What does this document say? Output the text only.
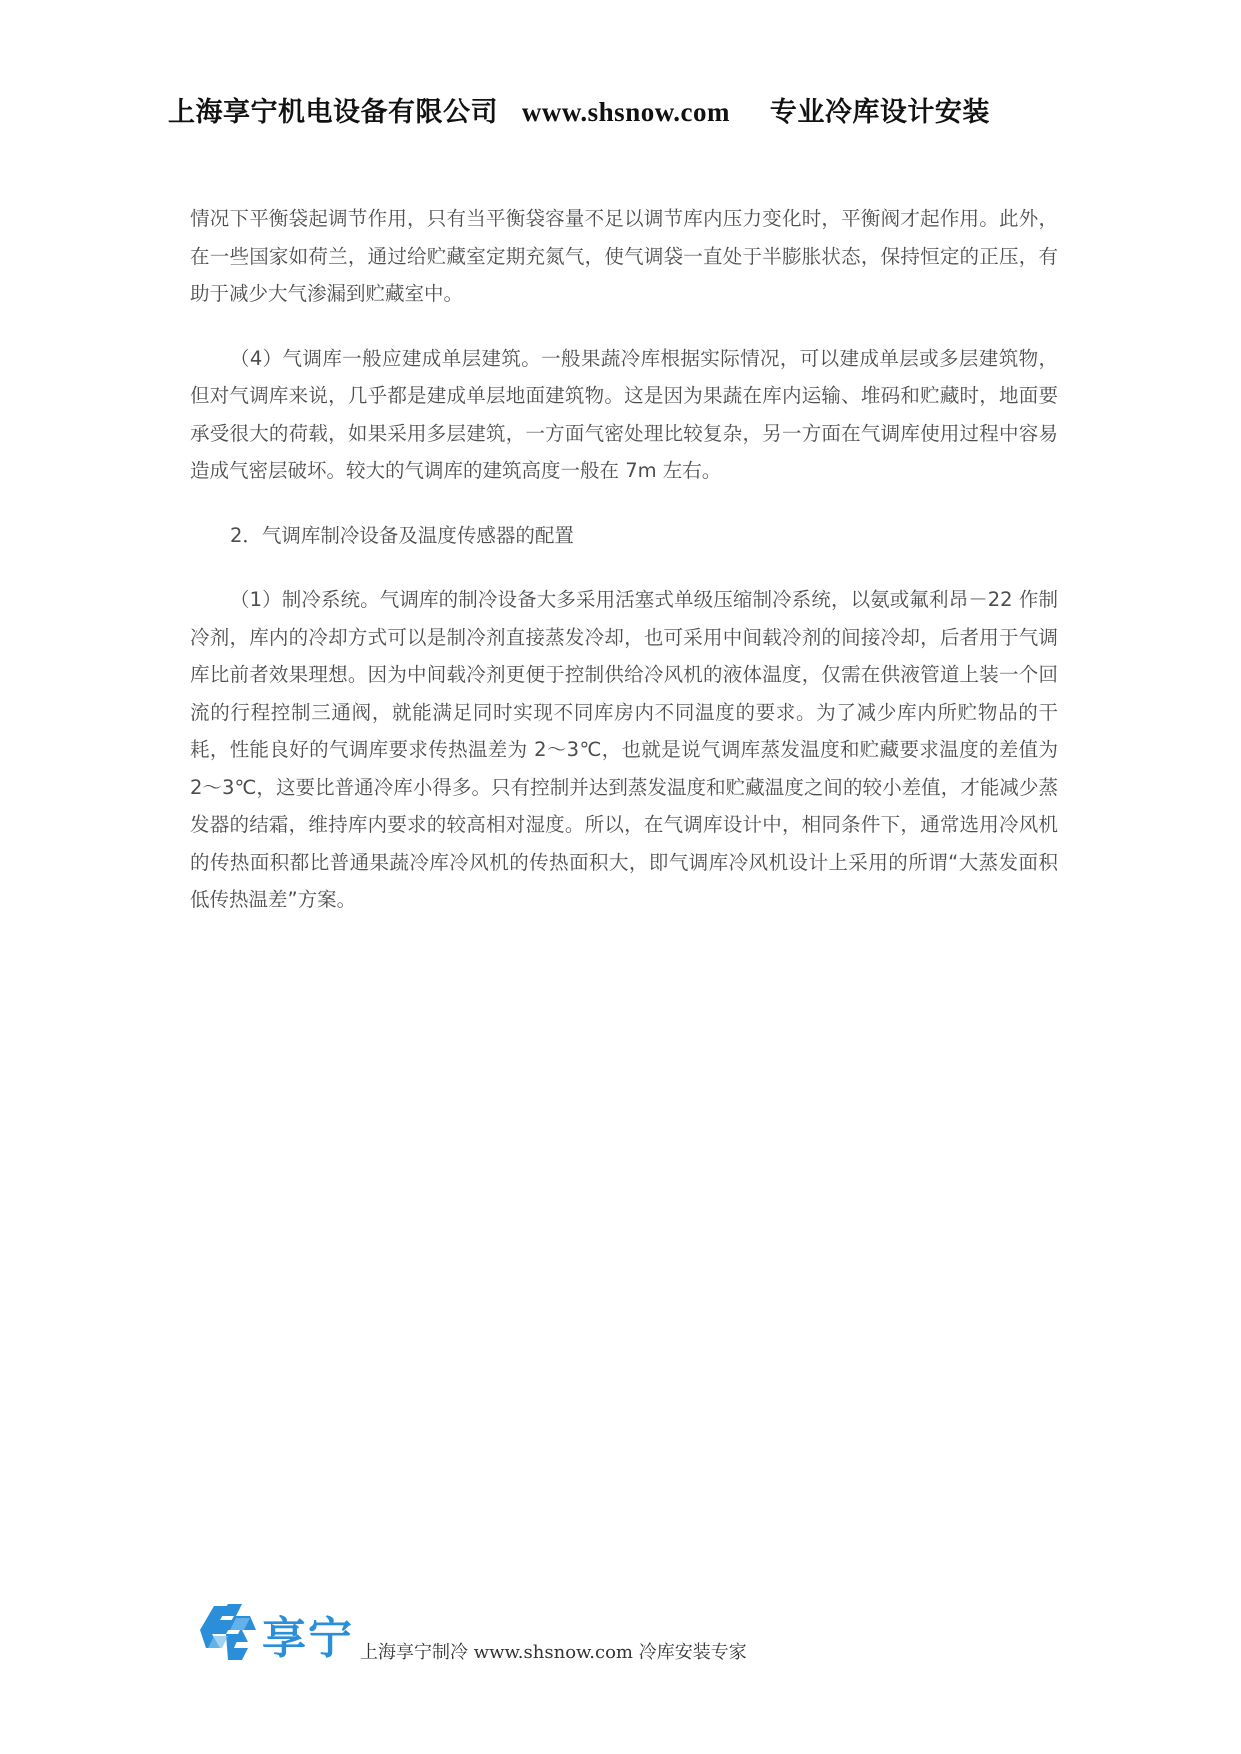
上海享宁机电设备有限公司 www.shsnow.com 专业冷库设计安装

情况下平衡袋起调节作用，只有当平衡袋容量不足以调节库内压力变化时，平衡阀才起作用。此外，在一些国家如荷兰，通过给贮藏室定期充氮气，使气调袋一直处于半膨胀状态，保持恒定的正压，有助于减少大气渗漏到贮藏室中。

（4）气调库一般应建成单层建筑。一般果蔬冷库根据实际情况，可以建成单层或多层建筑物，但对气调库来说，几乎都是建成单层地面建筑物。这是因为果蔬在库内运输、堆码和贮藏时，地面要承受很大的荷载，如果采用多层建筑，一方面气密处理比较复杂，另一方面在气调库使用过程中容易造成气密层破坏。较大的气调库的建筑高度一般在 7m 左右。

2．气调库制冷设备及温度传感器的配置

（1）制冷系统。气调库的制冷设备大多采用活塞式单级压缩制冷系统，以氨或氟利昂－22 作制冷剂，库内的冷却方式可以是制冷剂直接蒸发冷却，也可采用中间载冷剂的间接冷却，后者用于气调库比前者效果理想。因为中间载冷剂更便于控制供给冷风机的液体温度，仅需在供液管道上装一个回流的行程控制三通阀，就能满足同时实现不同库房内不同温度的要求。为了减少库内所贮物品的干耗，性能良好的气调库要求传热温差为 2～3℃，也就是说气调库蒸发温度和贮藏要求温度的差值为 2～3℃，这要比普通冷库小得多。只有控制并达到蒸发温度和贮藏温度之间的较小差值，才能减少蒸发器的结霜，维持库内要求的较高相对湿度。所以，在气调库设计中，相同条件下，通常选用冷风机的传热面积都比普通果蔬冷库冷风机的传热面积大，即气调库冷风机设计上采用的所谓“大蒸发面积低传热温差”方案。

享宁 上海享宁制冷 www.shsnow.com 冷库安装专家
